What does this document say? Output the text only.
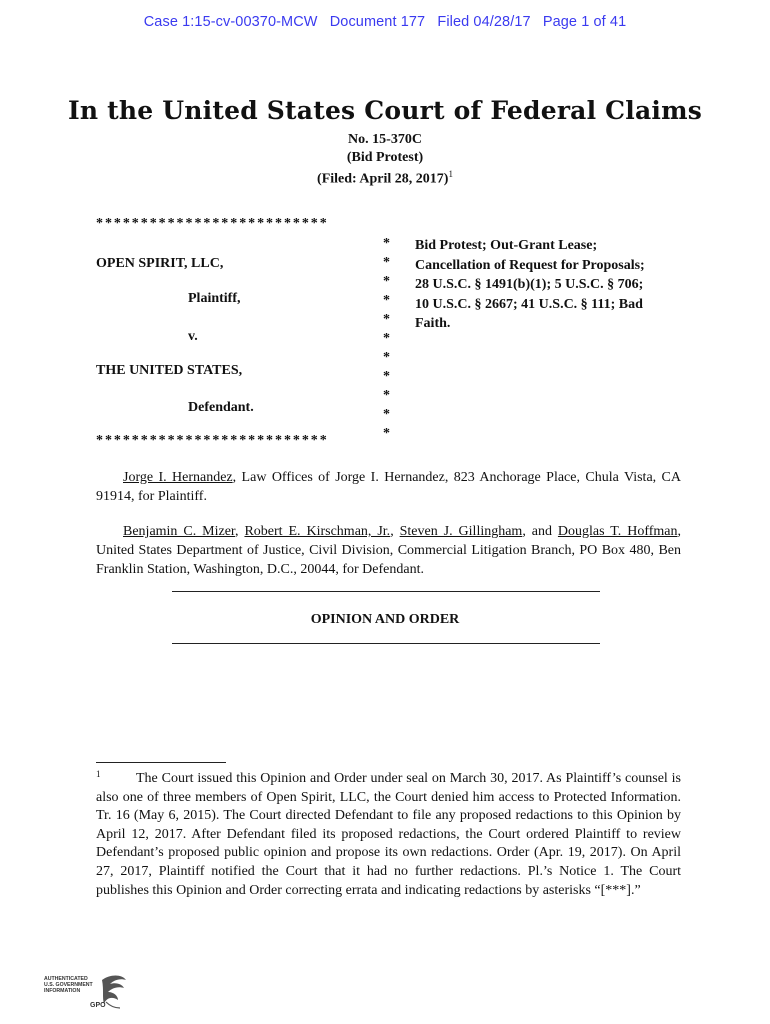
Case 1:15-cv-00370-MCW Document 177 Filed 04/28/17 Page 1 of 41
In the United States Court of Federal Claims
No. 15-370C
(Bid Protest)
(Filed: April 28, 2017)$^1$
**************************
*
*
*
*
*
*
*
*
*
*
*
OPEN SPIRIT, LLC,
Plaintiff,
v.
THE UNITED STATES,
Defendant.
**************************
Bid Protest; Out-Grant Lease;
Cancellation of Request for Proposals;
28 U.S.C. § 1491(b)(1); 5 U.S.C. § 706;
10 U.S.C. § 2667; 41 U.S.C. § 111; Bad
Faith.

Jorge I. Hernandez, Law Offices of Jorge I. Hernandez, 823 Anchorage Place, Chula Vista, CA 91914, for Plaintiff.

Benjamin C. Mizer, Robert E. Kirschman, Jr., Steven J. Gillingham, and Douglas T. Hoffman, United States Department of Justice, Civil Division, Commercial Litigation Branch, PO Box 480, Ben Franklin Station, Washington, D.C., 20044, for Defendant.

OPINION AND ORDER
1	The Court issued this Opinion and Order under seal on March 30, 2017. As Plaintiff’s counsel is also one of three members of Open Spirit, LLC, the Court denied him access to Protected Information. Tr. 16 (May 6, 2015). The Court directed Defendant to file any proposed redactions to this Opinion by April 12, 2017. After Defendant filed its proposed redactions, the Court ordered Plaintiff to review Defendant’s proposed public opinion and propose its own redactions. Order (Apr. 19, 2017). On April 27, 2017, Plaintiff notified the Court that it had no further redactions. Pl.’s Notice 1. The Court publishes this Opinion and Order correcting errata and indicating redactions by asterisks “[***].”
AUTHENTICATED
U.S. GOVERNMENT
INFORMATION
GPO
